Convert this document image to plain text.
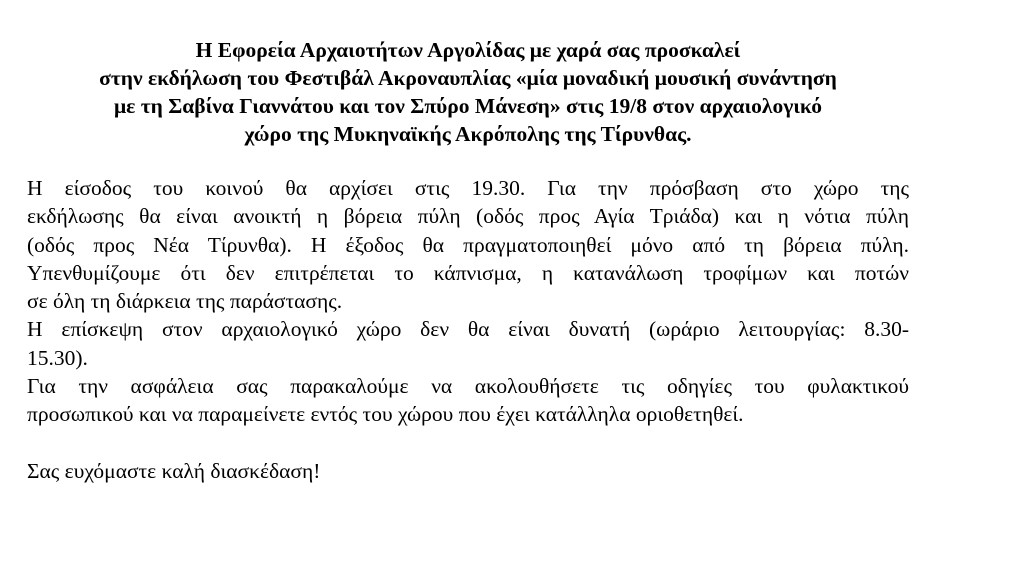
Η Εφορεία Αρχαιοτήτων Αργολίδας με χαρά σας προσκαλεί
στην εκδήλωση του Φεστιβάλ Ακροναυπλίας «μία μοναδική μουσική συνάντηση
με τη Σαβίνα Γιαννάτου και τον Σπύρο Μάνεση» στις 19/8 στον αρχαιολογικό
χώρο της Μυκηναϊκής Ακρόπολης της Τίρυνθας.
Η είσοδος του κοινού θα αρχίσει στις 19.30. Για την πρόσβαση στο χώρο της
εκδήλωσης θα είναι ανοικτή η βόρεια πύλη (οδός προς Αγία Τριάδα) και η νότια πύλη
(οδός προς Νέα Τίρυνθα). Η έξοδος θα πραγματοποιηθεί μόνο από τη βόρεια πύλη.
Υπενθυμίζουμε ότι δεν επιτρέπεται το κάπνισμα, η κατανάλωση τροφίμων και ποτών
σε όλη τη διάρκεια της παράστασης.
Η επίσκεψη στον αρχαιολογικό χώρο δεν θα είναι δυνατή (ωράριο λειτουργίας: 8.30-
15.30).
Για την ασφάλεια σας παρακαλούμε να ακολουθήσετε τις οδηγίες του φυλακτικού
προσωπικού και να παραμείνετε εντός του χώρου που έχει κατάλληλα οριοθετηθεί.
Σας ευχόμαστε καλή διασκέδαση!
